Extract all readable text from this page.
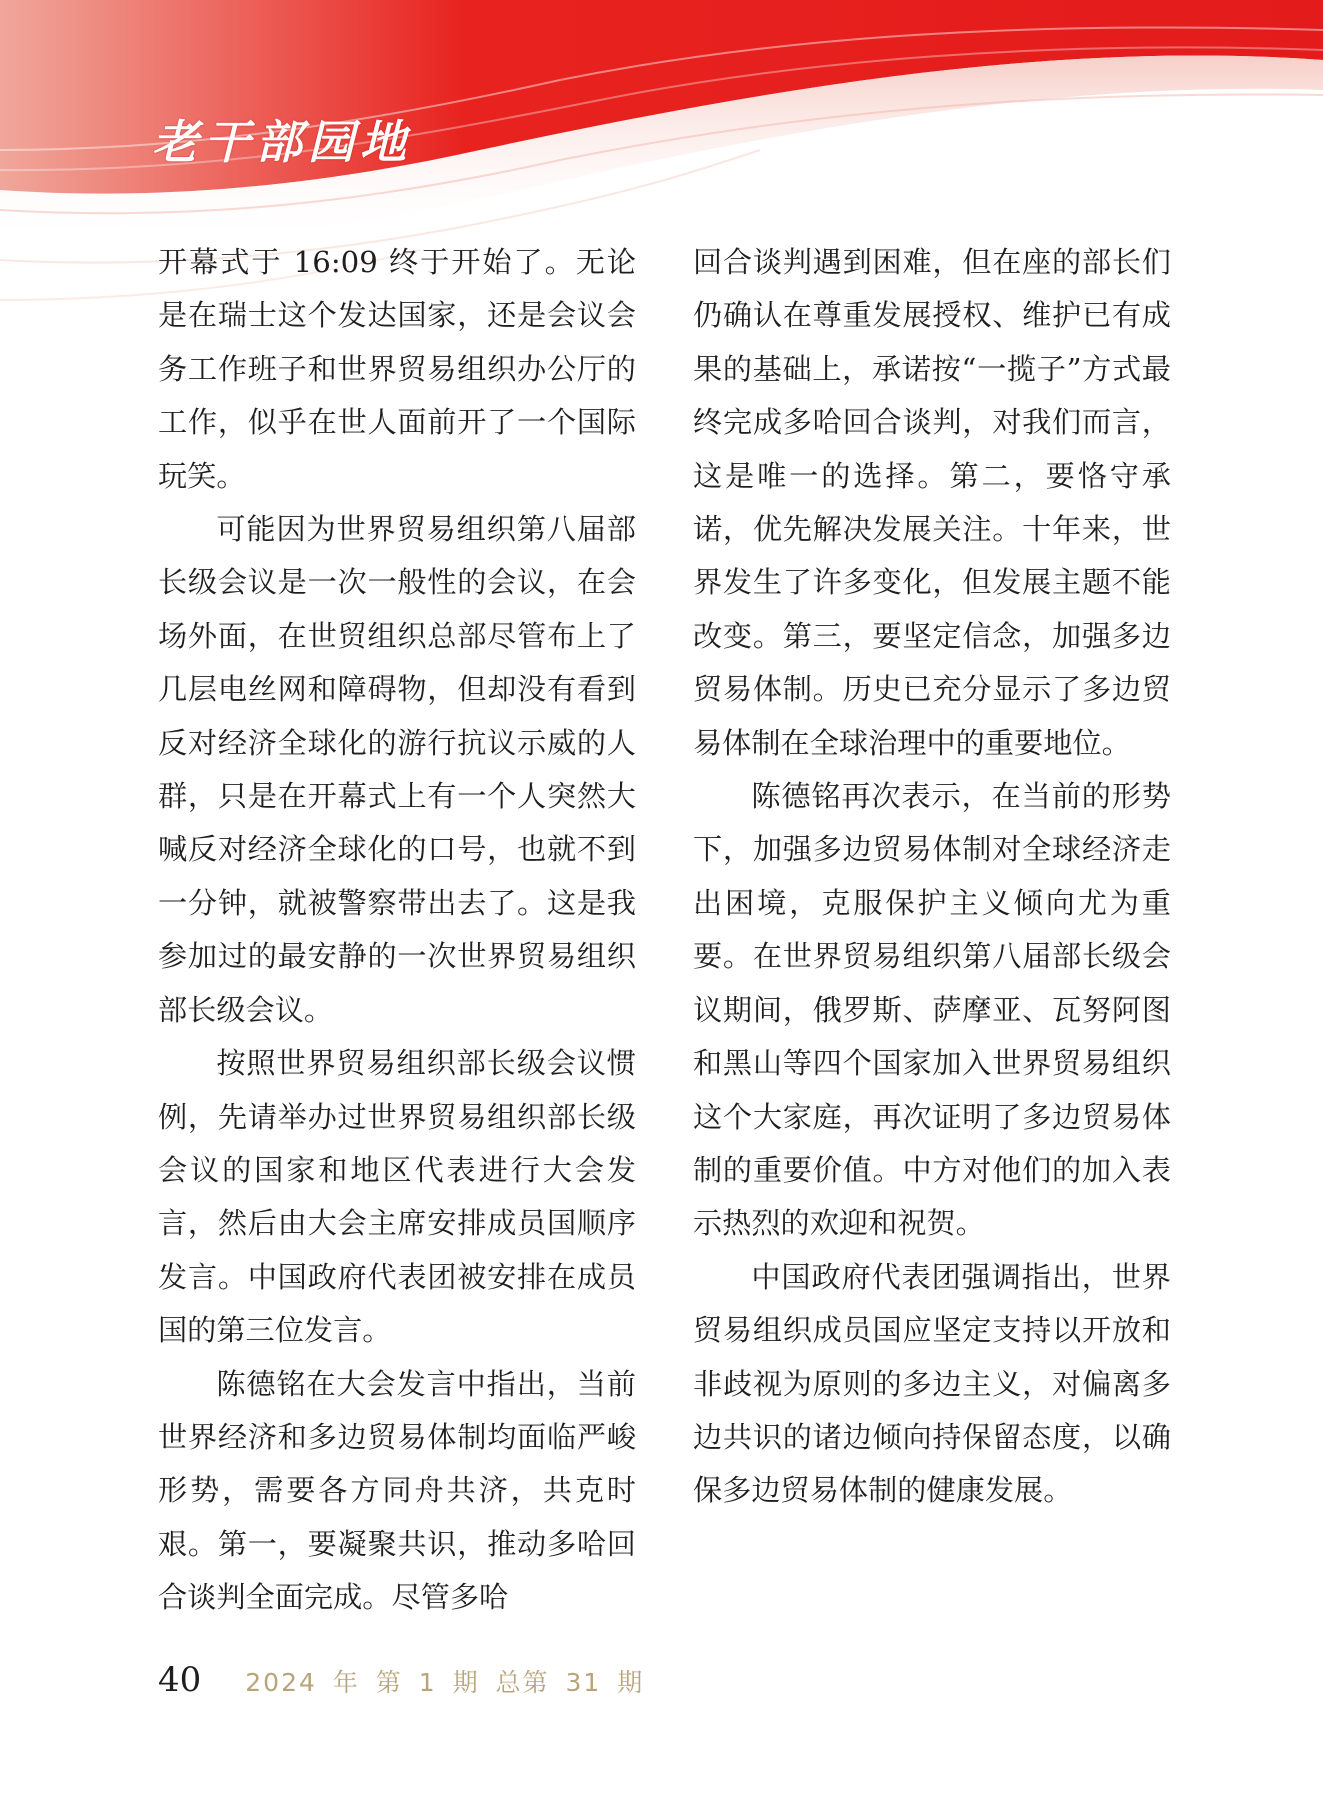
老干部园地

开幕式于 16:09 终于开始了。无论是在瑞士这个发达国家，还是会议会务工作班子和世界贸易组织办公厅的工作，似乎在世人面前开了一个国际玩笑。

可能因为世界贸易组织第八届部长级会议是一次一般性的会议，在会场外面，在世贸组织总部尽管布上了几层电丝网和障碍物，但却没有看到反对经济全球化的游行抗议示威的人群，只是在开幕式上有一个人突然大喊反对经济全球化的口号，也就不到一分钟，就被警察带出去了。这是我参加过的最安静的一次世界贸易组织部长级会议。

按照世界贸易组织部长级会议惯例，先请举办过世界贸易组织部长级会议的国家和地区代表进行大会发言，然后由大会主席安排成员国顺序发言。中国政府代表团被安排在成员国的第三位发言。

陈德铭在大会发言中指出，当前世界经济和多边贸易体制均面临严峻形势，需要各方同舟共济，共克时艰。第一，要凝聚共识，推动多哈回合谈判全面完成。尽管多哈

回合谈判遇到困难，但在座的部长们仍确认在尊重发展授权、维护已有成果的基础上，承诺按“一揽子”方式最终完成多哈回合谈判，对我们而言，这是唯一的选择。第二，要恪守承诺，优先解决发展关注。十年来，世界发生了许多变化，但发展主题不能改变。第三，要坚定信念，加强多边贸易体制。历史已充分显示了多边贸易体制在全球治理中的重要地位。

陈德铭再次表示，在当前的形势下，加强多边贸易体制对全球经济走出困境，克服保护主义倾向尤为重要。在世界贸易组织第八届部长级会议期间，俄罗斯、萨摩亚、瓦努阿图和黑山等四个国家加入世界贸易组织这个大家庭，再次证明了多边贸易体制的重要价值。中方对他们的加入表示热烈的欢迎和祝贺。

中国政府代表团强调指出，世界贸易组织成员国应坚定支持以开放和非歧视为原则的多边主义，对偏离多边共识的诸边倾向持保留态度，以确保多边贸易体制的健康发展。

40 2024 年 第 1 期 总第 31 期
